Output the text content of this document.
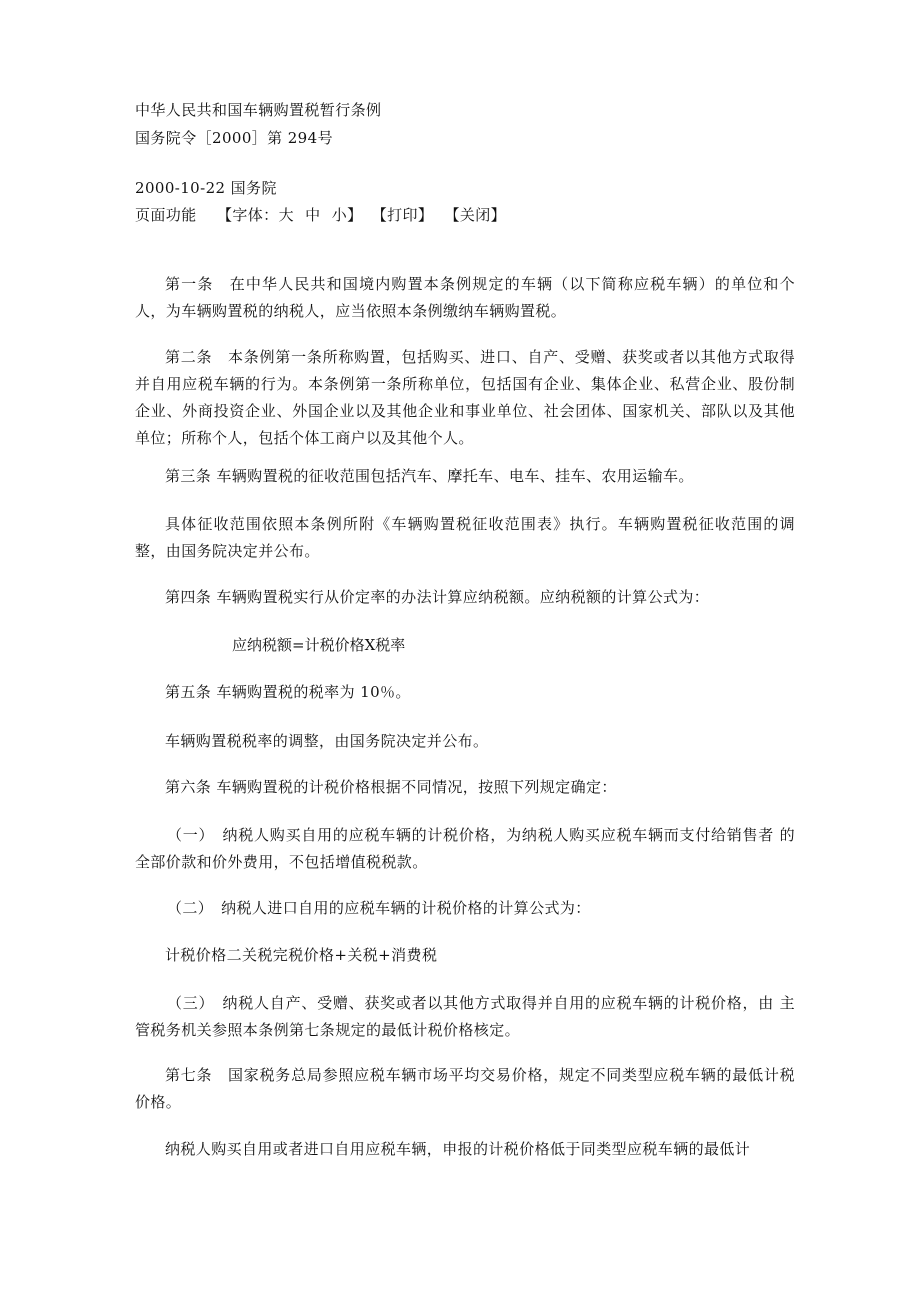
中华人民共和国车辆购置税暂行条例
国务院令［2000］第 294号
2000-10-22 国务院
页面功能 【字体：大 中 小】 【打印】 【关闭】
第一条　在中华人民共和国境内购置本条例规定的车辆（以下简称应税车辆）的单位和个人，为车辆购置税的纳税人，应当依照本条例缴纳车辆购置税。
第二条　本条例第一条所称购置，包括购买、进口、自产、受赠、获奖或者以其他方式取得并自用应税车辆的行为。本条例第一条所称单位，包括国有企业、集体企业、私营企业、股份制企业、外商投资企业、外国企业以及其他企业和事业单位、社会团体、国家机关、部队以及其他单位；所称个人，包括个体工商户以及其他个人。
第三条 车辆购置税的征收范围包括汽车、摩托车、电车、挂车、农用运输车。
具体征收范围依照本条例所附《车辆购置税征收范围表》执行。车辆购置税征收范围的调整，由国务院决定并公布。
第四条 车辆购置税实行从价定率的办法计算应纳税额。应纳税额的计算公式为：
应纳税额=计税价格X税率
第五条 车辆购置税的税率为 10％。
车辆购置税税率的调整，由国务院决定并公布。
第六条 车辆购置税的计税价格根据不同情况，按照下列规定确定：
（一）　纳税人购买自用的应税车辆的计税价格，为纳税人购买应税车辆而支付给销售者 的全部价款和价外费用，不包括增值税税款。
（二）　纳税人进口自用的应税车辆的计税价格的计算公式为：
计税价格二关税完税价格+关税+消费税
（三）　纳税人自产、受赠、获奖或者以其他方式取得并自用的应税车辆的计税价格，由 主管税务机关参照本条例第七条规定的最低计税价格核定。
第七条　国家税务总局参照应税车辆市场平均交易价格，规定不同类型应税车辆的最低计税价格。
纳税人购买自用或者进口自用应税车辆，申报的计税价格低于同类型应税车辆的最低计
